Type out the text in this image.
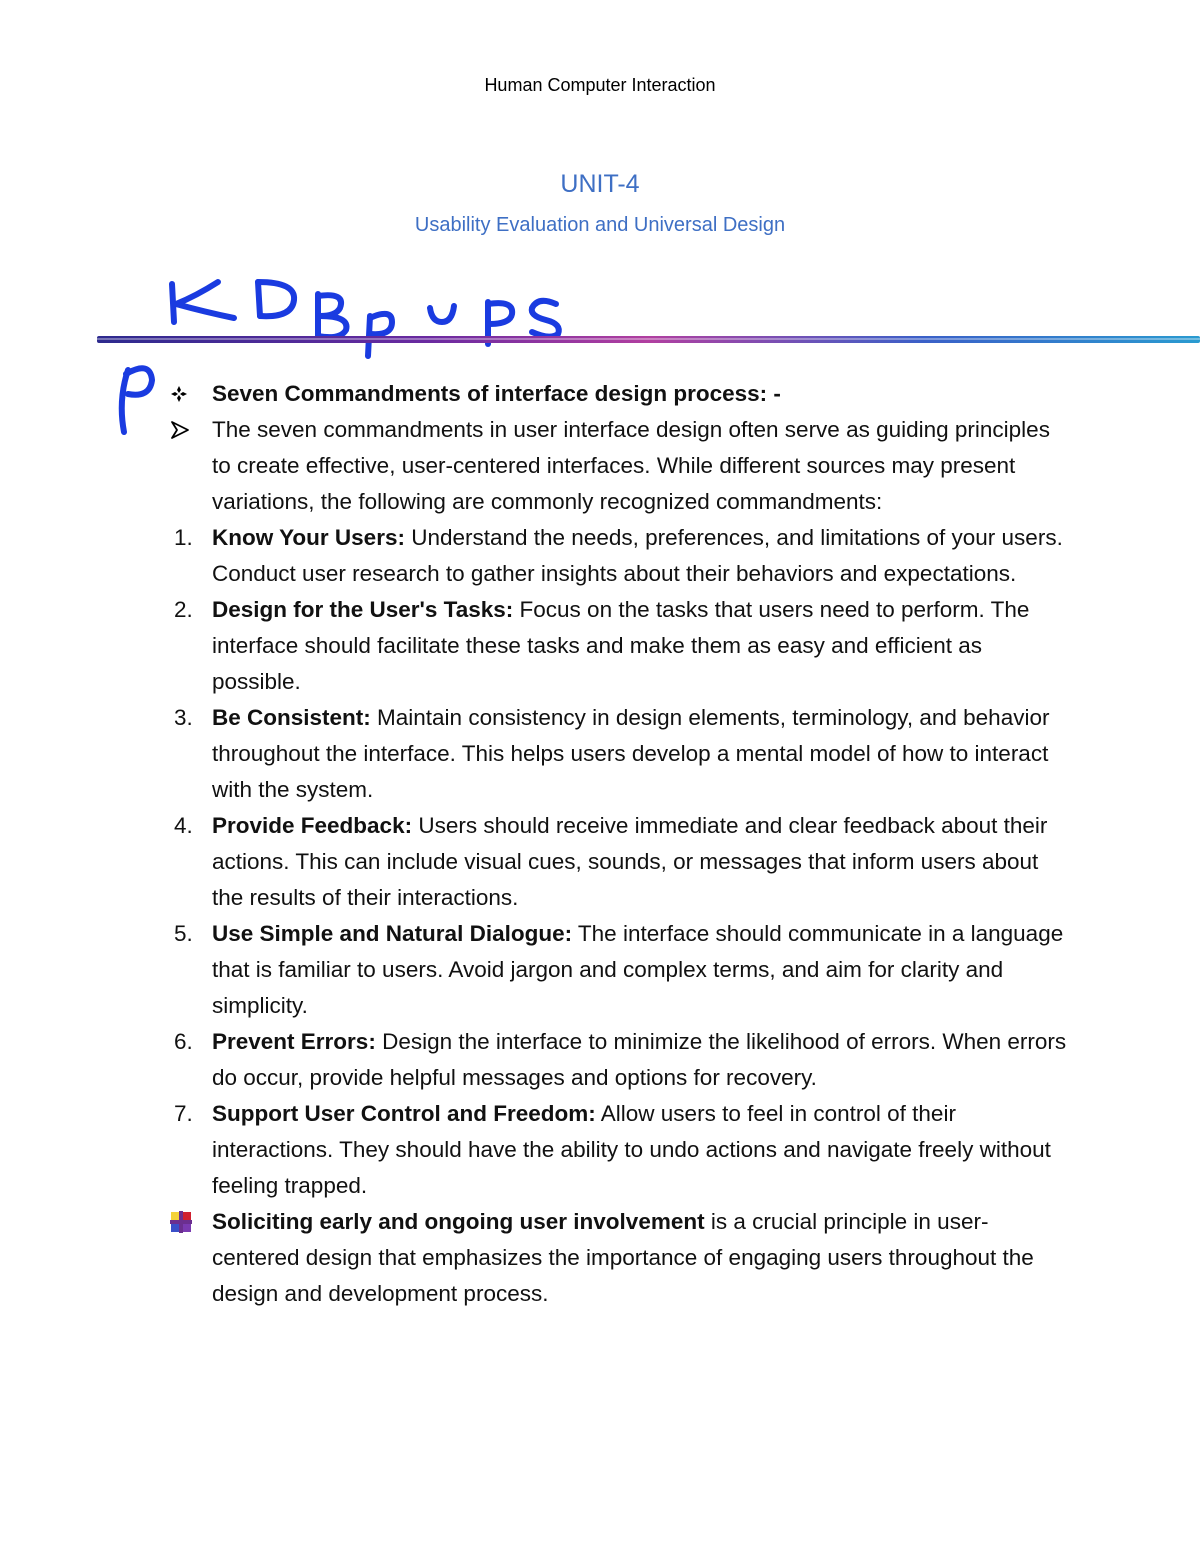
Human Computer Interaction
UNIT-4
Usability Evaluation and Universal Design
Seven Commandments of interface design process: -
The seven commandments in user interface design often serve as guiding principles to create effective, user-centered interfaces. While different sources may present variations, the following are commonly recognized commandments:
1. Know Your Users: Understand the needs, preferences, and limitations of your users. Conduct user research to gather insights about their behaviors and expectations.
2. Design for the User's Tasks: Focus on the tasks that users need to perform. The interface should facilitate these tasks and make them as easy and efficient as possible.
3. Be Consistent: Maintain consistency in design elements, terminology, and behavior throughout the interface. This helps users develop a mental model of how to interact with the system.
4. Provide Feedback: Users should receive immediate and clear feedback about their actions. This can include visual cues, sounds, or messages that inform users about the results of their interactions.
5. Use Simple and Natural Dialogue: The interface should communicate in a language that is familiar to users. Avoid jargon and complex terms, and aim for clarity and simplicity.
6. Prevent Errors: Design the interface to minimize the likelihood of errors. When errors do occur, provide helpful messages and options for recovery.
7. Support User Control and Freedom: Allow users to feel in control of their interactions. They should have the ability to undo actions and navigate freely without feeling trapped.
Soliciting early and ongoing user involvement is a crucial principle in user-centered design that emphasizes the importance of engaging users throughout the design and development process.
